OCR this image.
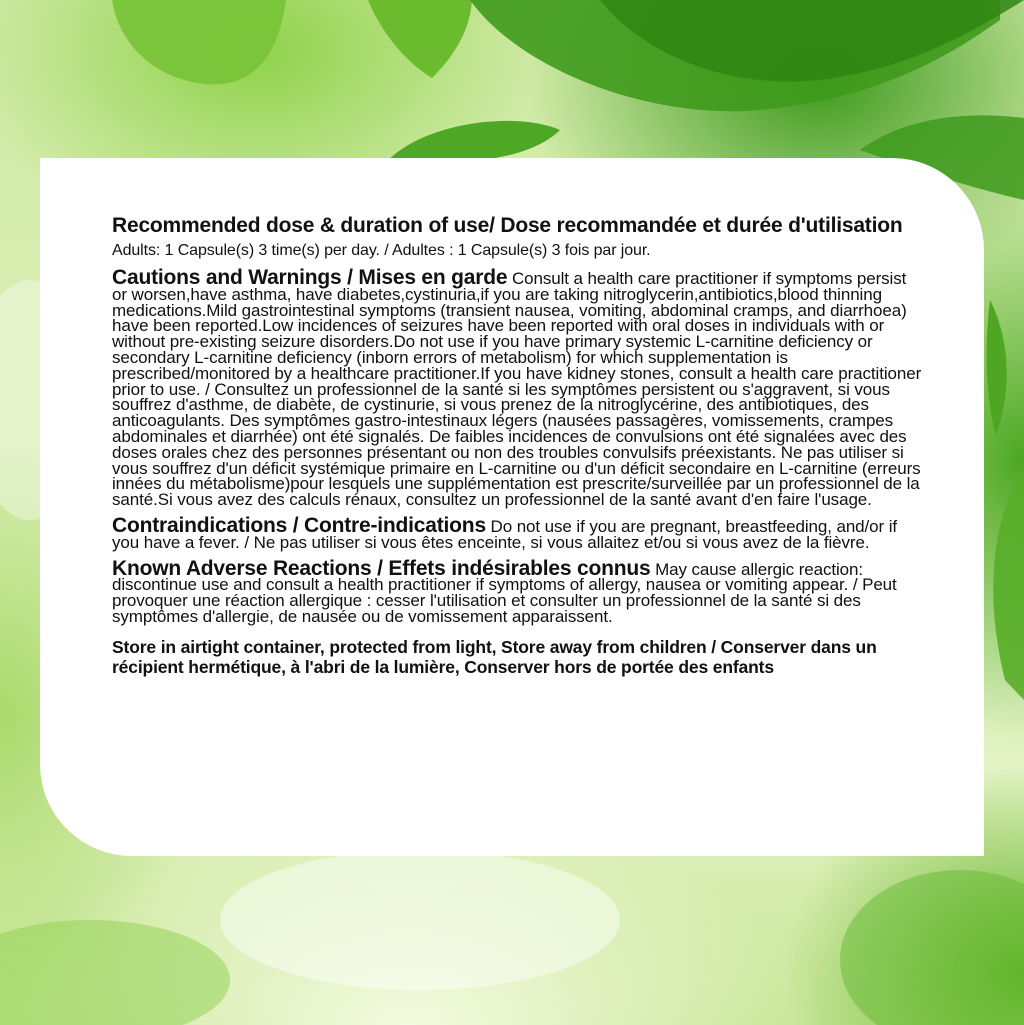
Recommended dose & duration of use/ Dose recommandée et durée d'utilisation Adults: 1 Capsule(s) 3 time(s) per day. / Adultes : 1 Capsule(s) 3 fois par jour.
Cautions and Warnings / Mises en garde Consult a health care practitioner if symptoms persist or worsen,have asthma, have diabetes,cystinuria,if you are taking nitroglycerin,antibiotics,blood thinning medications.Mild gastrointestinal symptoms (transient nausea, vomiting, abdominal cramps, and diarrhoea) have been reported.Low incidences of seizures have been reported with oral doses in individuals with or without pre-existing seizure disorders.Do not use if you have primary systemic L-carnitine deficiency or secondary L-carnitine deficiency (inborn errors of metabolism) for which supplementation is prescribed/monitored by a healthcare practitioner.If you have kidney stones, consult a health care practitioner prior to use. / Consultez un professionnel de la santé si les symptômes persistent ou s'aggravent, si vous souffrez d'asthme, de diabète, de cystinurie, si vous prenez de la nitroglycérine, des antibiotiques, des anticoagulants. Des symptômes gastro-intestinaux légers (nausées passagères, vomissements, crampes abdominales et diarrhée) ont été signalés. De faibles incidences de convulsions ont été signalées avec des doses orales chez des personnes présentant ou non des troubles convulsifs préexistants. Ne pas utiliser si vous souffrez d'un déficit systémique primaire en L-carnitine ou d'un déficit secondaire en L-carnitine (erreurs innées du métabolisme)pour lesquels une supplémentation est prescrite/surveillée par un professionnel de la santé.Si vous avez des calculs rénaux, consultez un professionnel de la santé avant d'en faire l'usage.
Contraindications / Contre-indications Do not use if you are pregnant, breastfeeding, and/or if you have a fever. / Ne pas utiliser si vous êtes enceinte, si vous allaitez et/ou si vous avez de la fièvre.
Known Adverse Reactions / Effets indésirables connus May cause allergic reaction: discontinue use and consult a health practitioner if symptoms of allergy, nausea or vomiting appear. / Peut provoquer une réaction allergique : cesser l'utilisation et consulter un professionnel de la santé si des symptômes d'allergie, de nausée ou de vomissement apparaissent.
Store in airtight container, protected from light, Store away from children / Conserver dans un récipient hermétique, à l'abri de la lumière, Conserver hors de portée des enfants
